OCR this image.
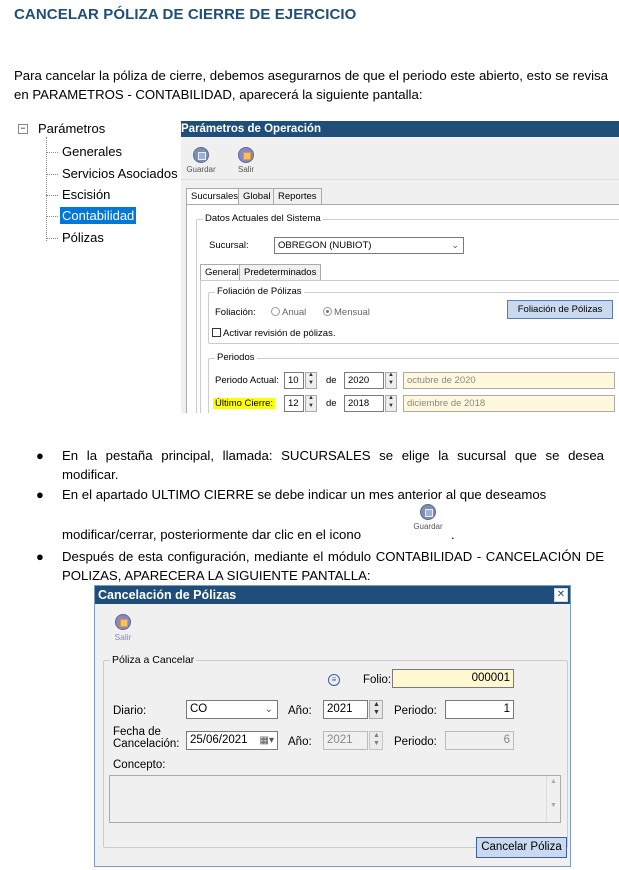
CANCELAR PÓLIZA DE CIERRE DE EJERCICIO
Para cancelar la póliza de cierre, debemos asegurarnos de que el periodo este abierto, esto se revisa en PARAMETROS - CONTABILIDAD, aparecerá la siguiente pantalla:
− Parámetros
Generales
Servicios Asociados
Escisión
Contabilidad
Pólizas
Parámetros de Operación
Guardar	Salir
Sucursales Global Reportes
Datos Actuales del Sistema
Sucursal:	OBREGON (NUBIOT)	⌄
General Predeterminados
Foliación de Pólizas
Foliación:	Anual	Mensual	Foliación de Pólizas
Activar revisión de pólizas.
Periodos
Periodo Actual: 10 ▲ ▼	de	2020 ▲ ▼	octubre de 2020
Último Cierre:	12 ▲ ▼	de	2018 ▲ ▼	diciembre de 2018
● En la pestaña principal, llamada: SUCURSALES se elige la sucursal que se desea modificar.
● En el apartado ULTIMO CIERRE se debe indicar un mes anterior al que deseamos
modificar/cerrar, posteriormente dar clic en el icono
Guardar
.
● Después de esta configuración, mediante el módulo CONTABILIDAD - CANCELACIÓN DE POLIZAS, APARECERA LA SIGUIENTE PANTALLA:
Cancelación de Pólizas	✕
Salir
Póliza a Cancelar
≡	Folio:	000001
Diario:	CO	⌄ Año:	2021 ▲ ▼	Periodo:	1
Fecha de Cancelación: 25/06/2021 ▦▾ Año:	2021 ▲ ▼	Periodo:	6
Concepto:
▲

▼
Cancelar Póliza
